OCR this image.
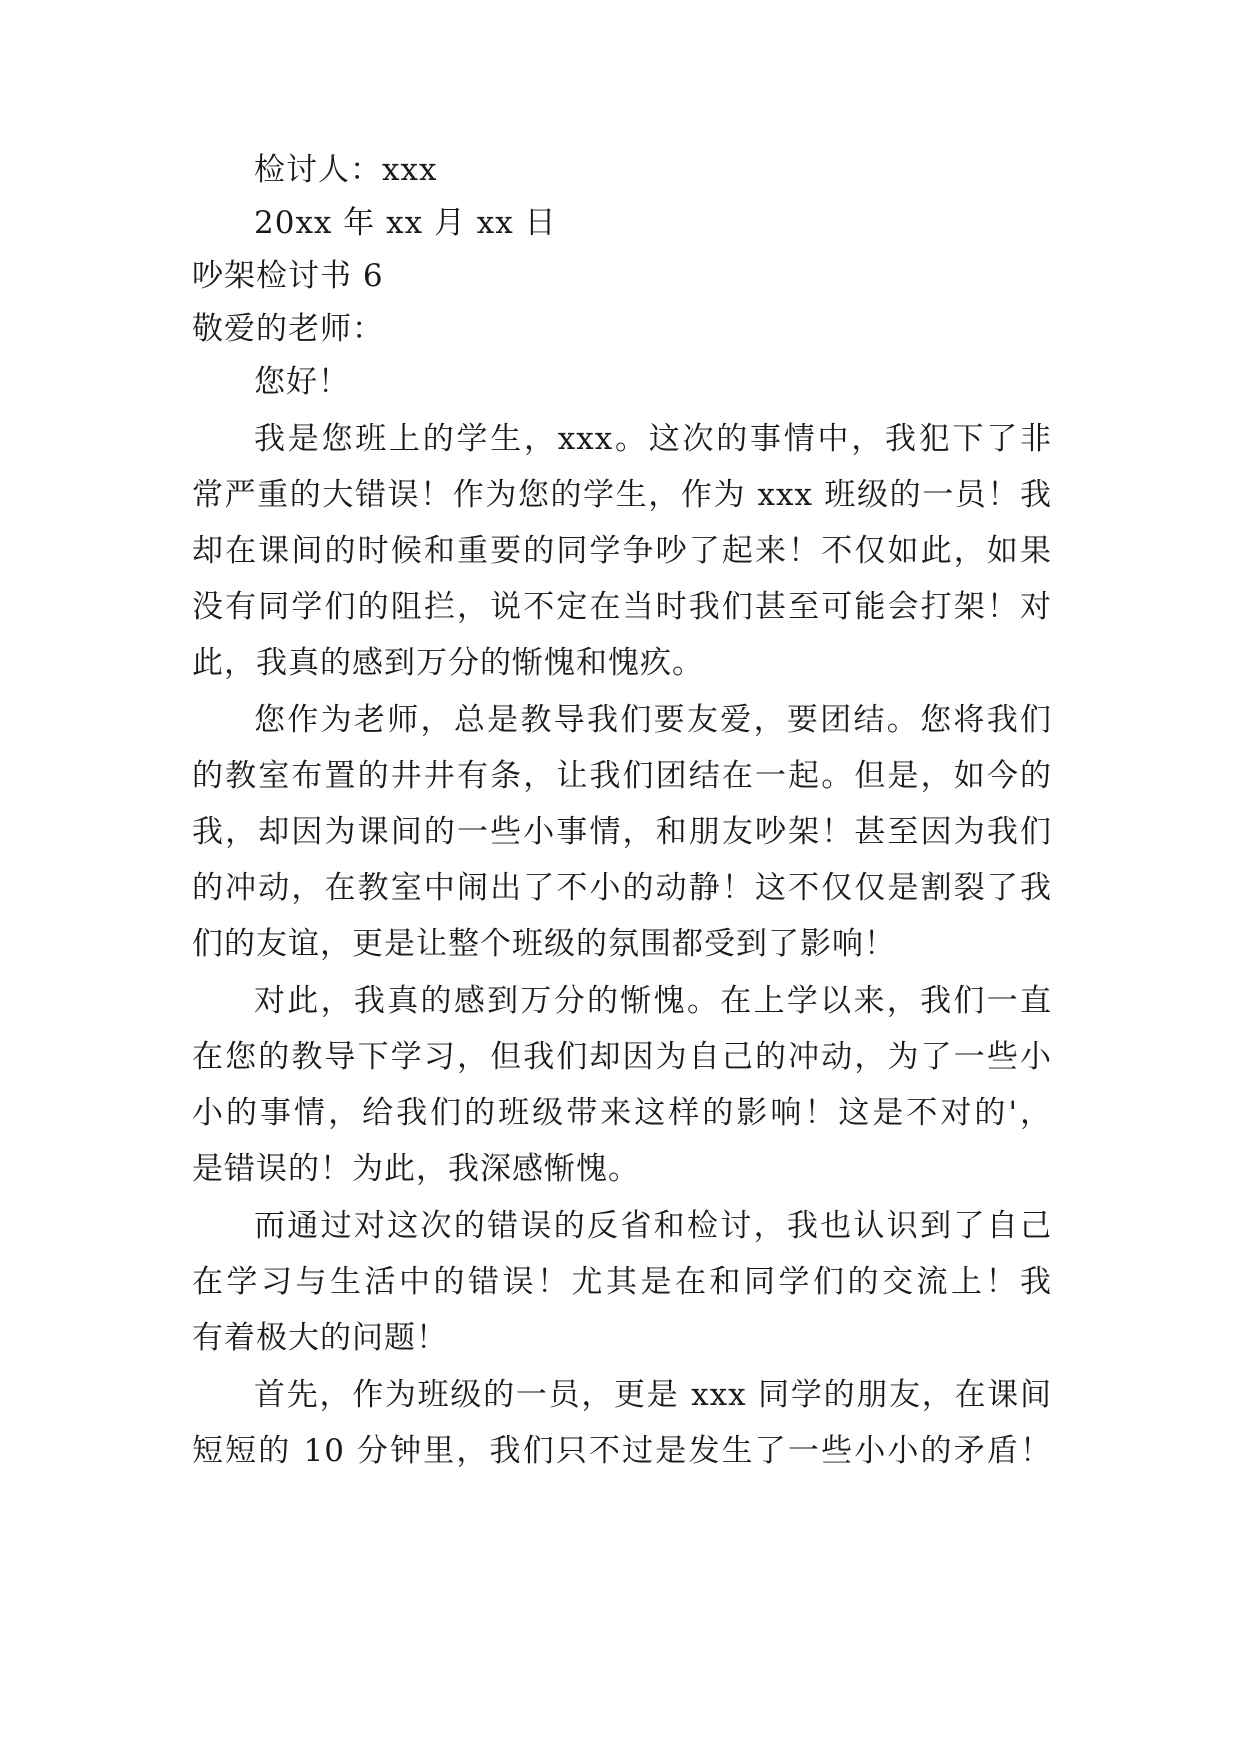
检讨人：xxx
20xx 年 xx 月 xx 日
吵架检讨书 6
敬爱的老师：
您好！
我是您班上的学生，xxx。这次的事情中，我犯下了非
常严重的大错误！作为您的学生，作为 xxx 班级的一员！我
却在课间的时候和重要的同学争吵了起来！不仅如此，如果
没有同学们的阻拦，说不定在当时我们甚至可能会打架！对
此，我真的感到万分的惭愧和愧疚。
您作为老师，总是教导我们要友爱，要团结。您将我们
的教室布置的井井有条，让我们团结在一起。但是，如今的
我，却因为课间的一些小事情，和朋友吵架！甚至因为我们
的冲动，在教室中闹出了不小的动静！这不仅仅是割裂了我
们的友谊，更是让整个班级的氛围都受到了影响！
对此，我真的感到万分的惭愧。在上学以来，我们一直
在您的教导下学习，但我们却因为自己的冲动，为了一些小
小的事情，给我们的班级带来这样的影响！这是不对的'，
是错误的！为此，我深感惭愧。
而通过对这次的错误的反省和检讨，我也认识到了自己
在学习与生活中的错误！尤其是在和同学们的交流上！我
有着极大的问题！
首先，作为班级的一员，更是 xxx 同学的朋友，在课间
短短的 10 分钟里，我们只不过是发生了一些小小的矛盾！
